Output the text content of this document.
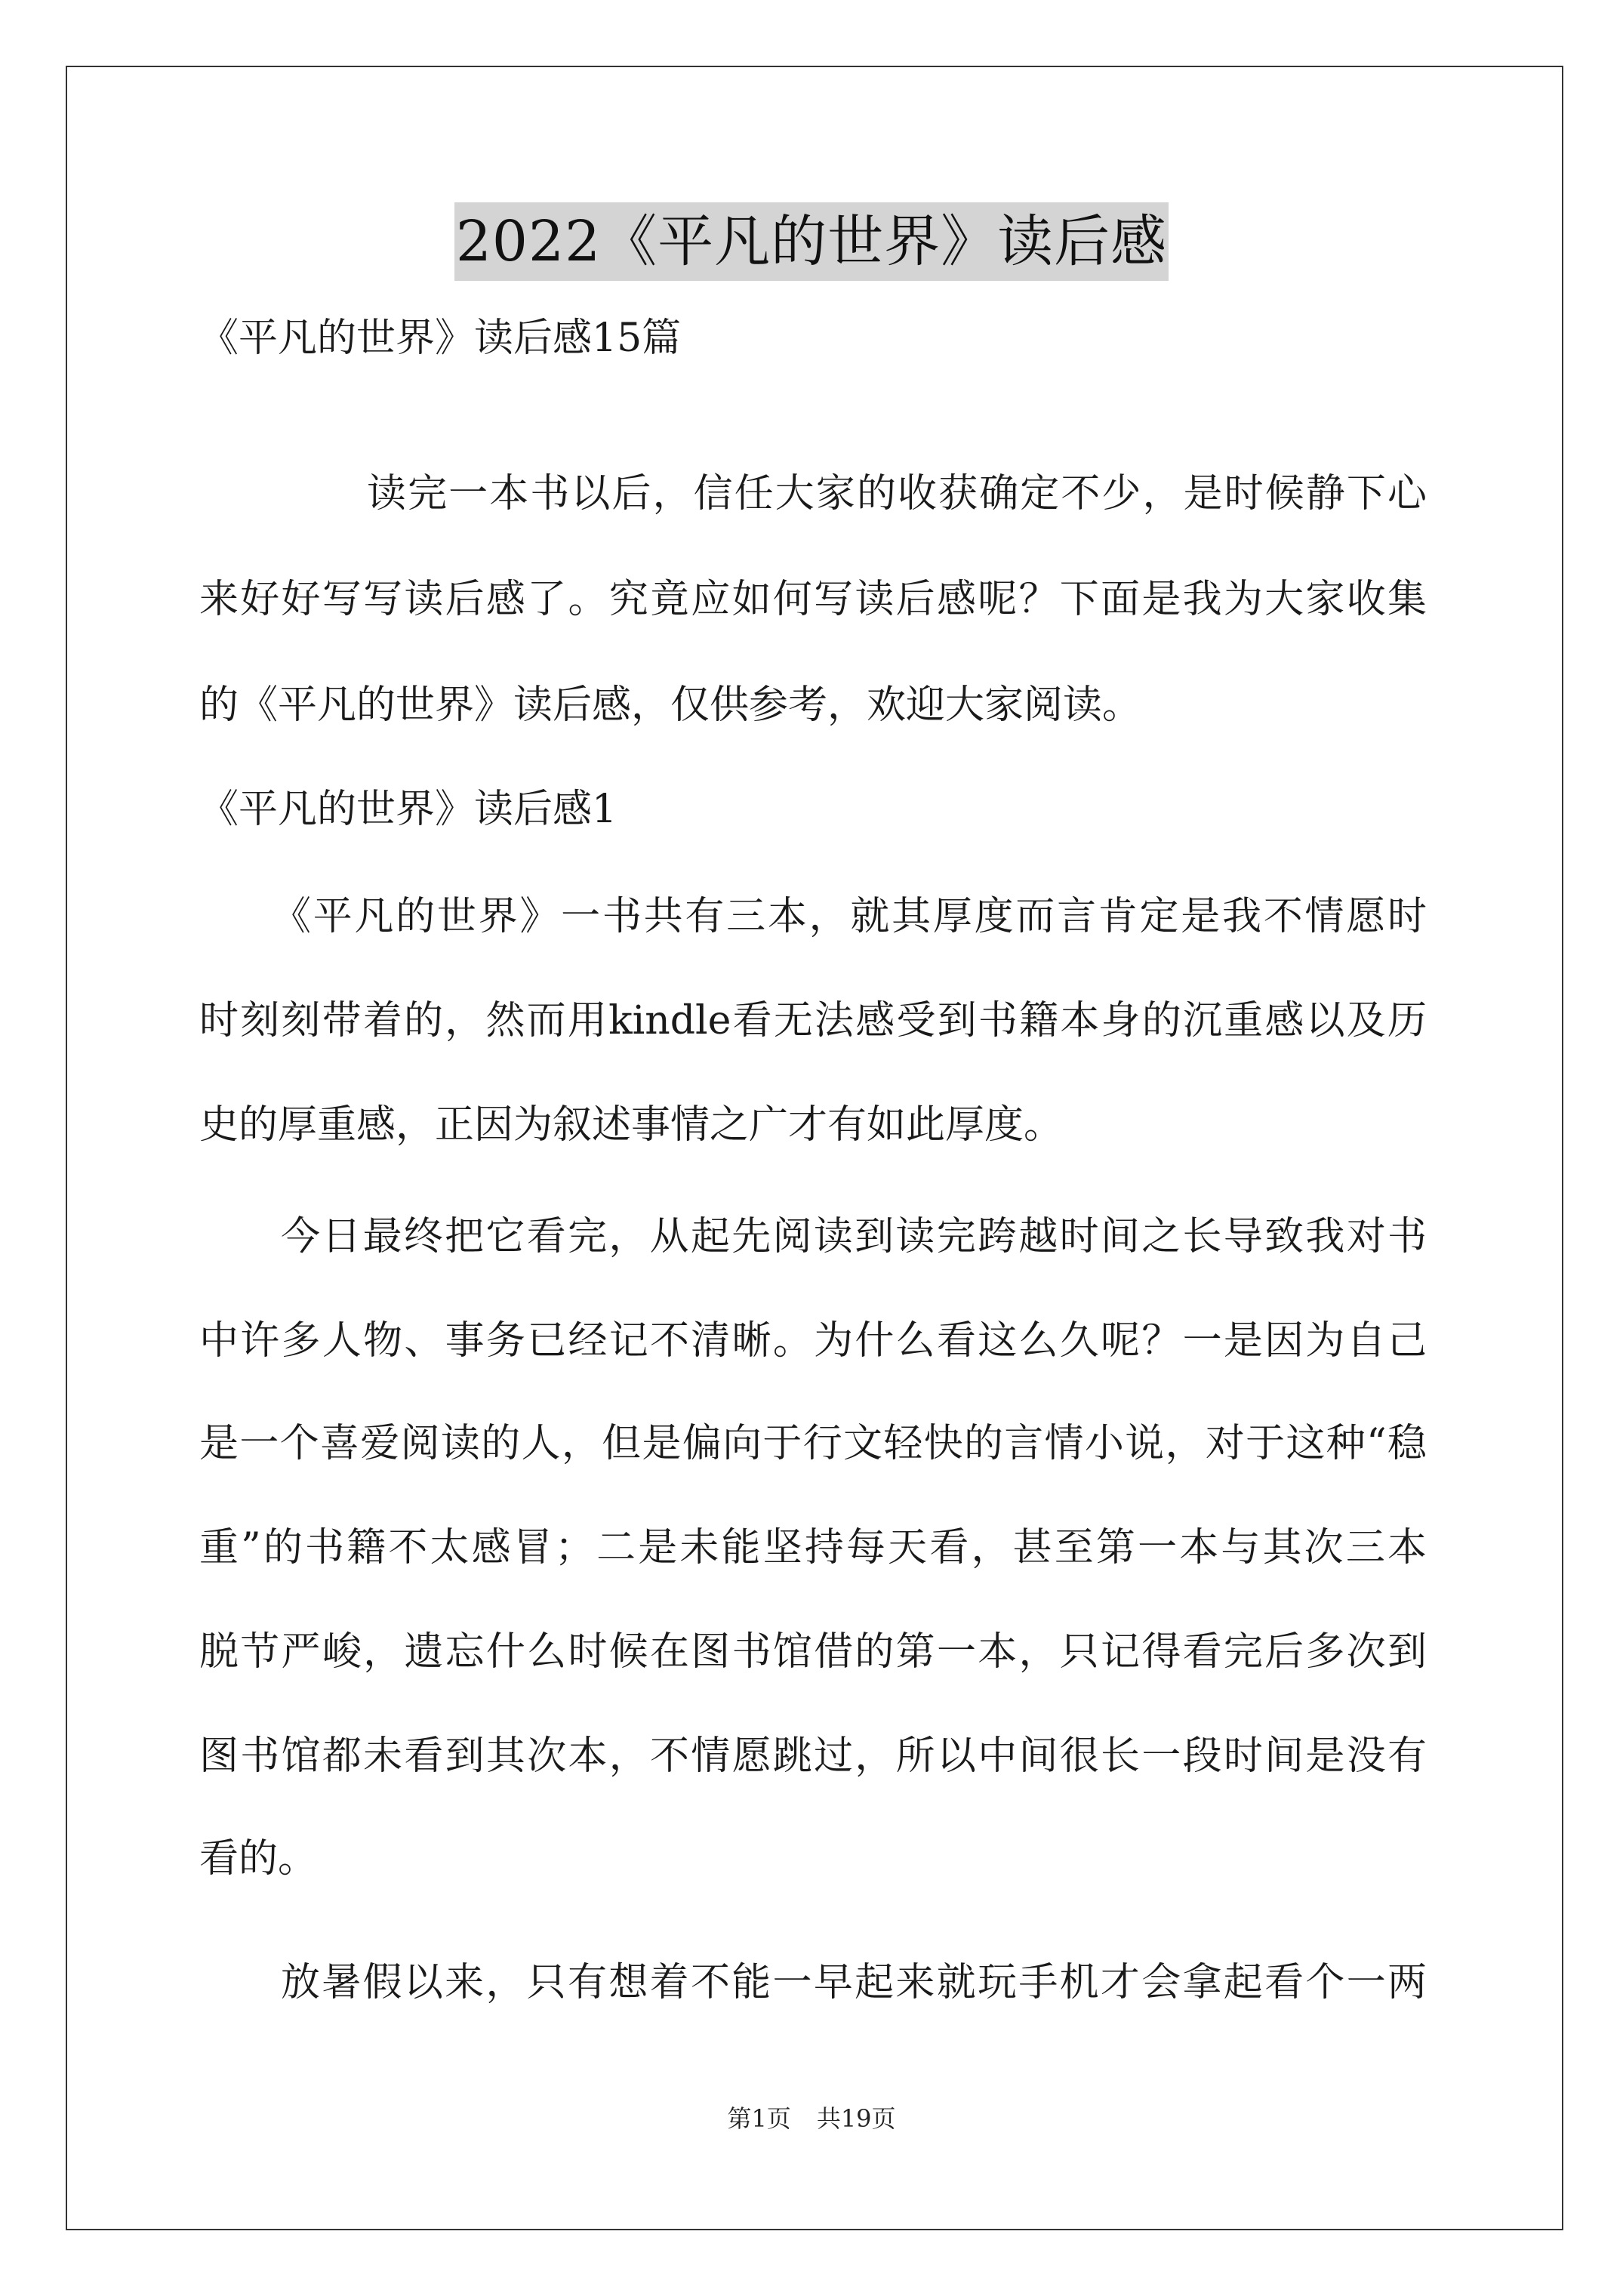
2022《平凡的世界》读后感

《平凡的世界》读后感15篇

读完一本书以后，信任大家的收获确定不少，是时候静下心

来好好写写读后感了。究竟应如何写读后感呢？下面是我为大家收集

的《平凡的世界》读后感，仅供参考，欢迎大家阅读。

《平凡的世界》读后感1

《平凡的世界》一书共有三本，就其厚度而言肯定是我不情愿时

时刻刻带着的，然而用kindle看无法感受到书籍本身的沉重感以及历

史的厚重感，正因为叙述事情之广才有如此厚度。

今日最终把它看完，从起先阅读到读完跨越时间之长导致我对书

中许多人物、事务已经记不清晰。为什么看这么久呢？一是因为自己

是一个喜爱阅读的人，但是偏向于行文轻快的言情小说，对于这种“稳

重”的书籍不太感冒；二是未能坚持每天看，甚至第一本与其次三本

脱节严峻，遗忘什么时候在图书馆借的第一本，只记得看完后多次到

图书馆都未看到其次本，不情愿跳过，所以中间很长一段时间是没有

看的。

放暑假以来，只有想着不能一早起来就玩手机才会拿起看个一两

第1页 共19页
